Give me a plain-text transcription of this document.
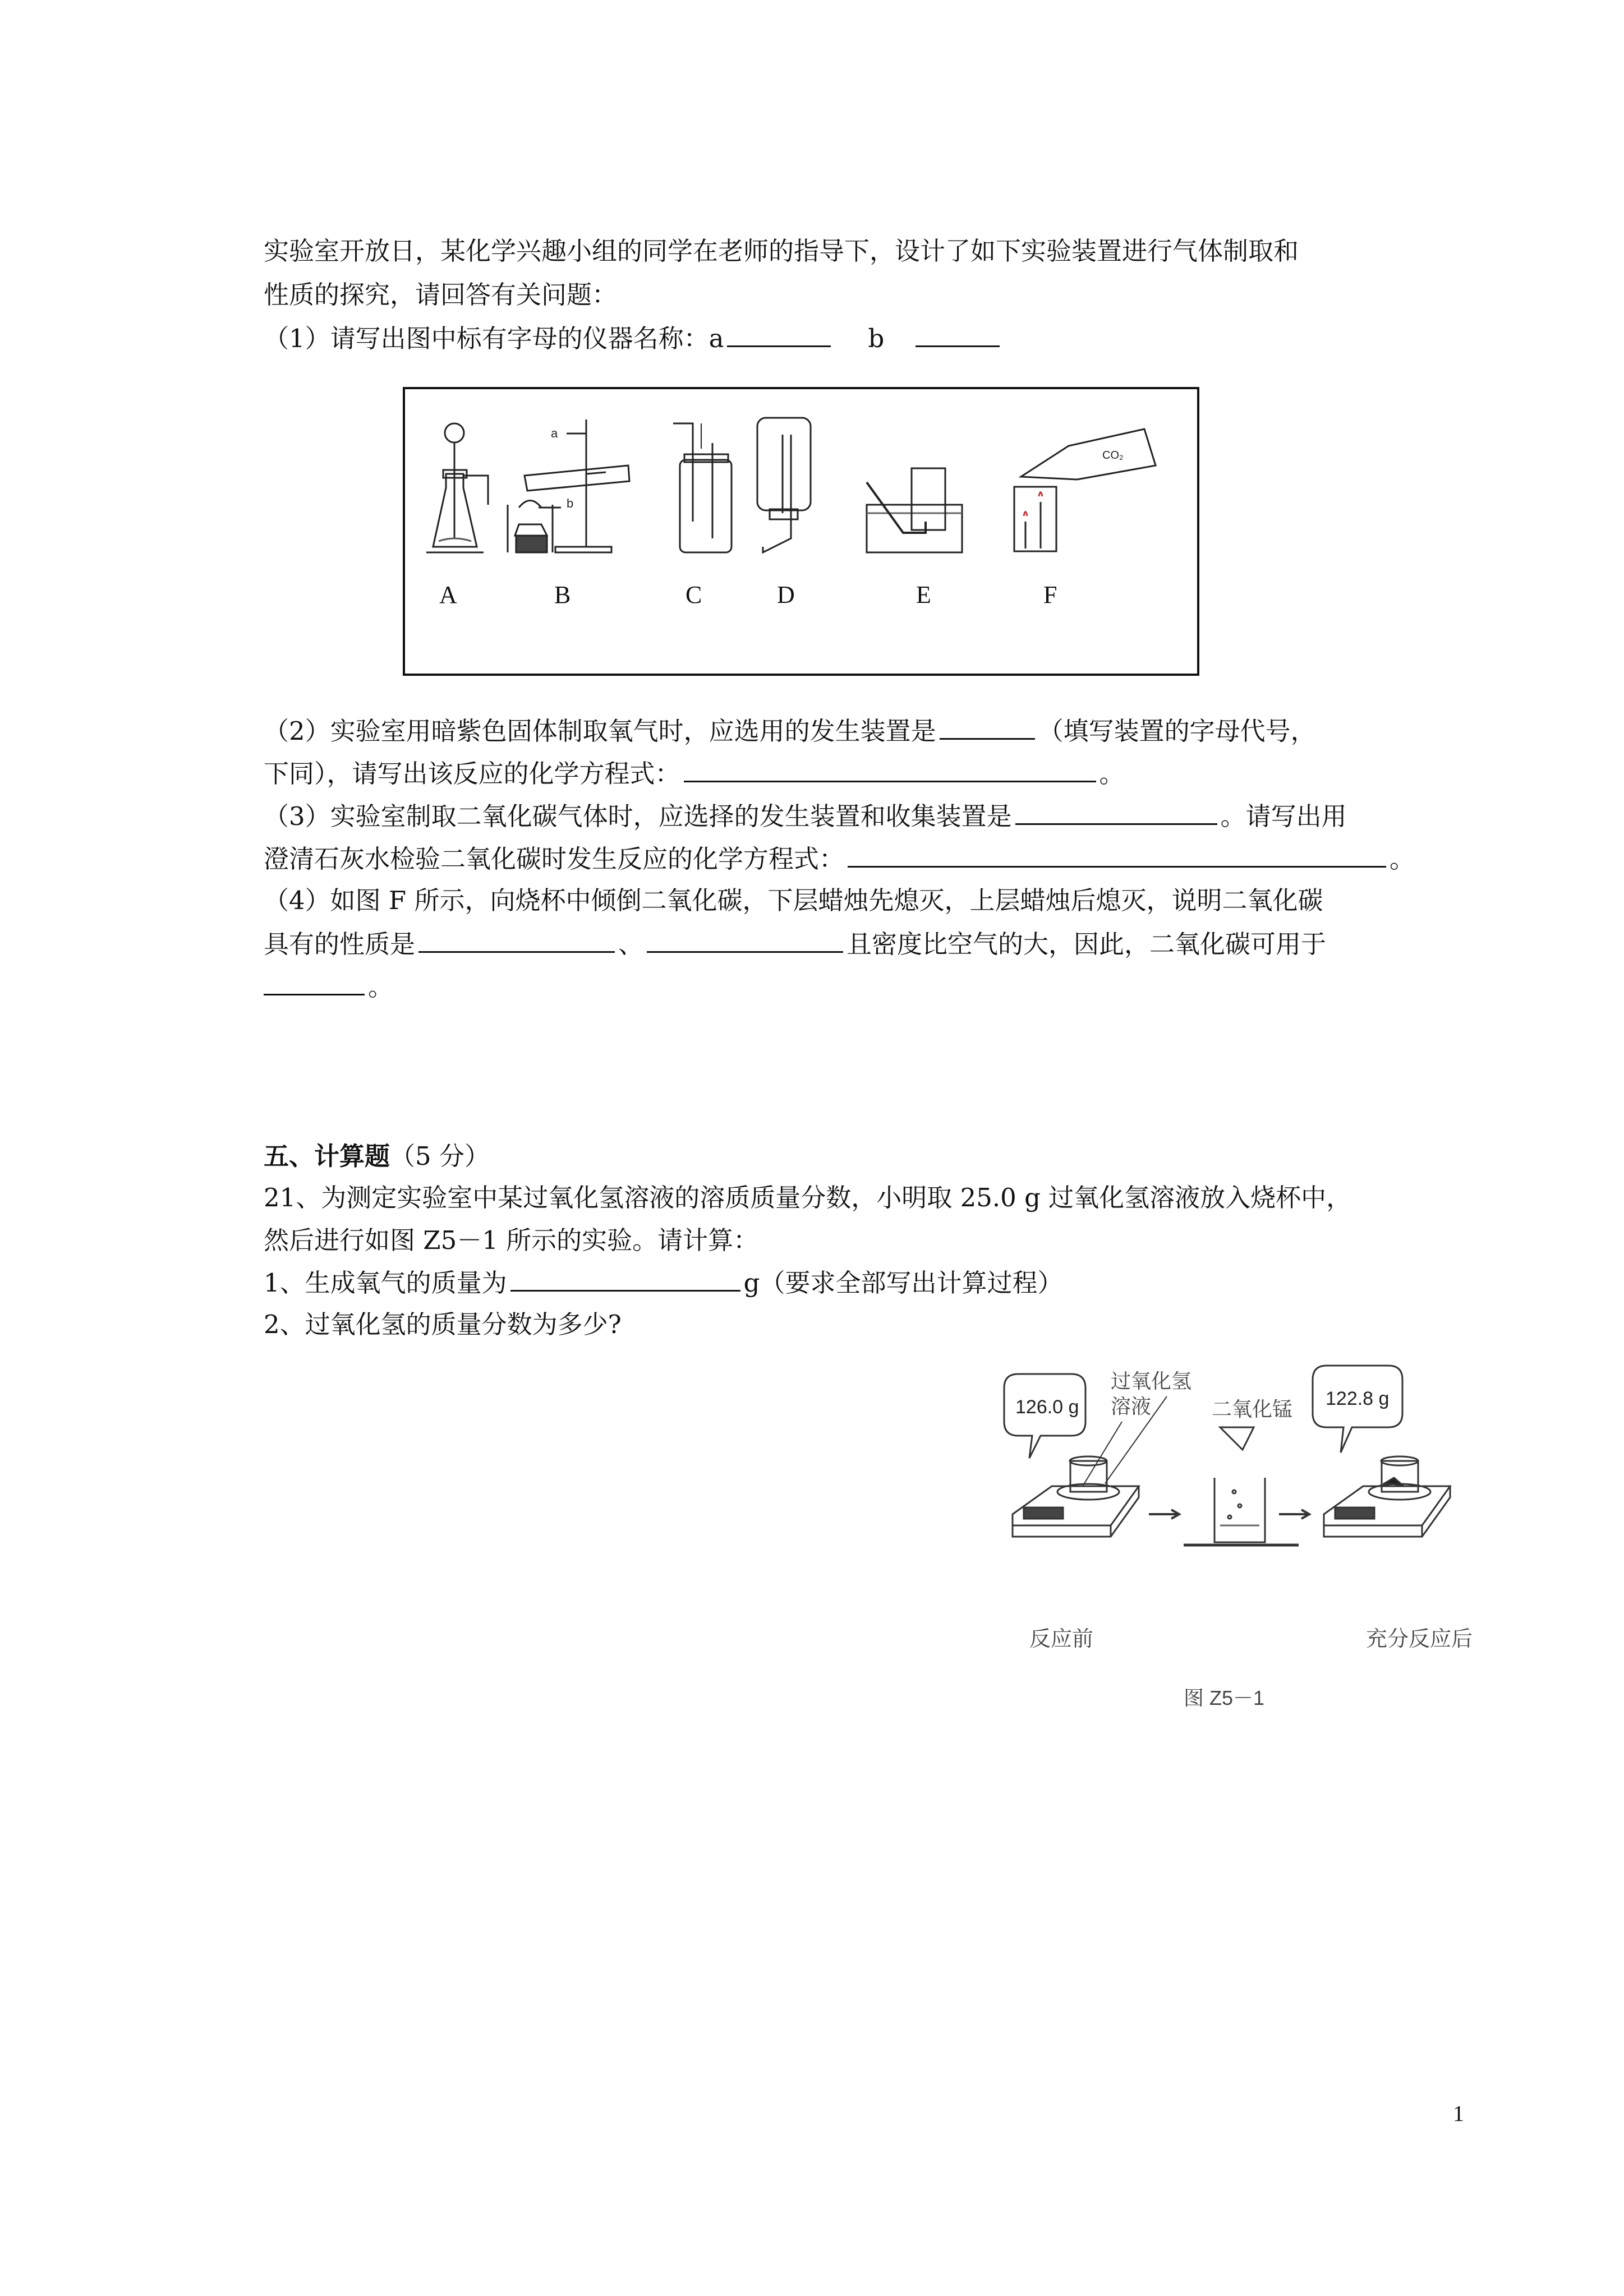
实验室开放日，某化学兴趣小组的同学在老师的指导下，设计了如下实验装置进行气体制取和
性质的探究，请回答有关问题：
（1）请写出图中标有字母的仪器名称：a	b
a
b
CO₂
A	B	C	D	E	F
（2）实验室用暗紫色固体制取氧气时，应选用的发生装置是	（填写装置的字母代号，
下同），请写出该反应的化学方程式：	。
（3）实验室制取二氧化碳气体时，应选择的发生装置和收集装置是	。请写出用
澄清石灰水检验二氧化碳时发生反应的化学方程式：	。
（4）如图 F 所示，向烧杯中倾倒二氧化碳，下层蜡烛先熄灭，上层蜡烛后熄灭，说明二氧化碳
具有的性质是	、	且密度比空气的大，因此，二氧化碳可用于
。
五、计算题（5 分）
21、为测定实验室中某过氧化氢溶液的溶质质量分数，小明取 25.0 g 过氧化氢溶液放入烧杯中，
然后进行如图 Z5－1 所示的实验。请计算：
1、生成氧气的质量为	g（要求全部写出计算过程）
2、过氧化氢的质量分数为多少?
126.0 g	122.8 g
过氧化氢
溶液	二氧化锰
反应前	充分反应后
图 Z5－1
1
